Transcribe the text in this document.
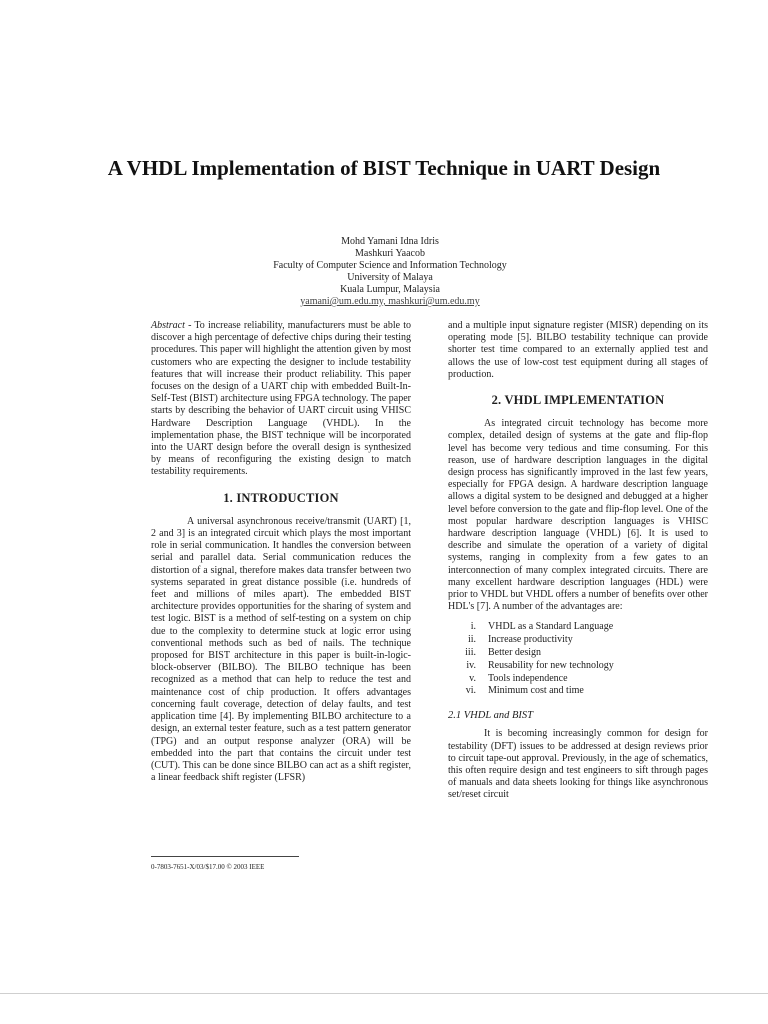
A VHDL Implementation of BIST Technique in UART Design
Mohd Yamani Idna Idris
Mashkuri Yaacob
Faculty of Computer Science and Information Technology
University of Malaya
Kuala Lumpur, Malaysia
yamani@um.edu.my, mashkuri@um.edu.my

Abstract - To increase reliability, manufacturers must be able to discover a high percentage of defective chips during their testing procedures. This paper will highlight the attention given by most customers who are expecting the designer to include testability features that will increase their product reliability. This paper focuses on the design of a UART chip with embedded Built-In-Self-Test (BIST) architecture using FPGA technology. The paper starts by describing the behavior of UART circuit using VHISC Hardware Description Language (VHDL). In the implementation phase, the BIST technique will be incorporated into the UART design before the overall design is synthesized by means of reconfiguring the existing design to match testability requirements.

1. INTRODUCTION

A universal asynchronous receive/transmit (UART) [1, 2 and 3] is an integrated circuit which plays the most important role in serial communication. It handles the conversion between serial and parallel data. Serial communication reduces the distortion of a signal, therefore makes data transfer between two systems separated in great distance possible (i.e. hundreds of feet and millions of miles apart). The embedded BIST architecture provides opportunities for the sharing of system and test logic. BIST is a method of self-testing on a system on chip due to the complexity to determine stuck at logic error using conventional methods such as bed of nails. The technique proposed for BIST architecture in this paper is built-in-logic-block-observer (BILBO). The BILBO technique has been recognized as a method that can help to reduce the test and maintenance cost of chip production. It offers advantages concerning fault coverage, detection of delay faults, and test application time [4]. By implementing BILBO architecture to a design, an external tester feature, such as a test pattern generator (TPG) and an output response analyzer (ORA) will be embedded into the part that contains the circuit under test (CUT). This can be done since BILBO can act as a shift register, a linear feedback shift register (LFSR)

and a multiple input signature register (MISR) depending on its operating mode [5]. BILBO testability technique can provide shorter test time compared to an externally applied test and allows the use of low-cost test equipment during all stages of production.

2. VHDL IMPLEMENTATION

As integrated circuit technology has become more complex, detailed design of systems at the gate and flip-flop level has become very tedious and time consuming. For this reason, use of hardware description languages in the digital design process has significantly improved in the last few years, especially for FPGA design. A hardware description language allows a digital system to be designed and debugged at a higher level before conversion to the gate and flip-flop level. One of the most popular hardware description languages is VHISC hardware description language (VHDL) [6]. It is used to describe and simulate the operation of a variety of digital systems, ranging in complexity from a few gates to an interconnection of many complex integrated circuits. There are many excellent hardware description languages (HDL) were prior to VHDL but VHDL offers a number of benefits over other HDL's [7]. A number of the advantages are:

i. VHDL as a Standard Language
ii. Increase productivity
iii. Better design
iv. Reusability for new technology
v. Tools independence
vi. Minimum cost and time
2.1 VHDL and BIST

It is becoming increasingly common for design for testability (DFT) issues to be addressed at design reviews prior to circuit tape-out approval. Previously, in the age of schematics, this often require design and test engineers to sift through pages of manuals and data sheets looking for things like asynchronous set/reset circuit

0-7803-7651-X/03/$17.00 © 2003 IEEE
